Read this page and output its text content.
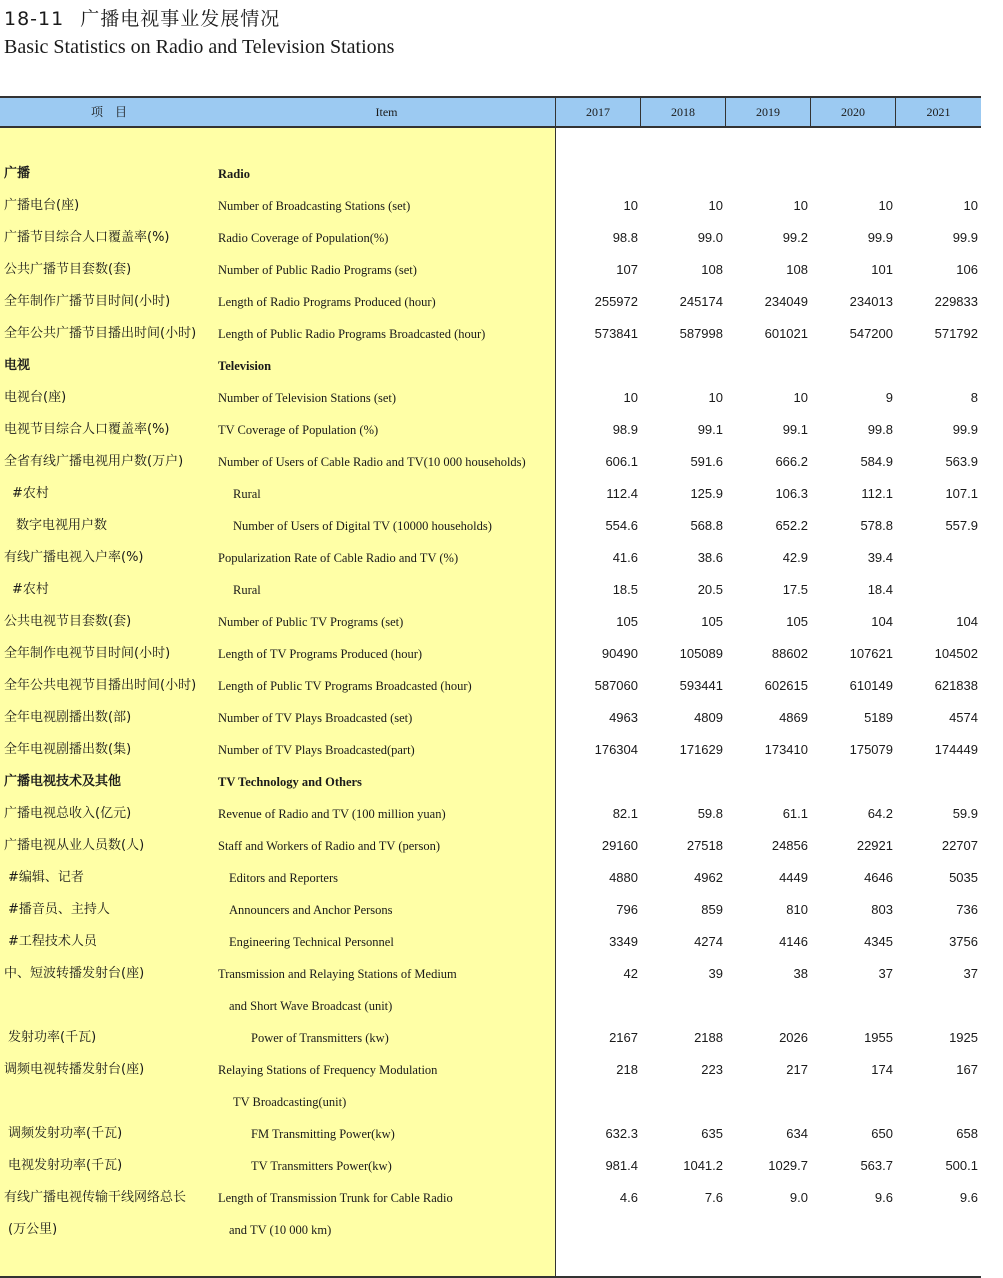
18-11 广播电视事业发展情况
Basic Statistics on Radio and Television Stations
项　目	Item	2017	2018	2019	2020	2021
广播	Radio
广播电台(座)	Number of Broadcasting Stations (set)	10	10	10	10	10
广播节目综合人口覆盖率(%)	Radio Coverage of Population(%)	98.8	99.0	99.2	99.9	99.9
公共广播节目套数(套)	Number of Public Radio Programs (set)	107	108	108	101	106
全年制作广播节目时间(小时)	Length of Radio Programs Produced (hour)	255972	245174	234049	234013	229833
全年公共广播节目播出时间(小时) Length of Public Radio Programs Broadcasted (hour)	573841	587998	601021	547200	571792
电视	Television
电视台(座)	Number of Television Stations (set)	10	10	10	9	8
电视节目综合人口覆盖率(%)	TV Coverage of Population (%)	98.9	99.1	99.1	99.8	99.9
全省有线广播电视用户数(万户)	Number of Users of Cable Radio and TV(10 000 households)	606.1	591.6	666.2	584.9	563.9
#农村	Rural	112.4	125.9	106.3	112.1	107.1
数字电视用户数	Number of Users of Digital TV (10000 households)	554.6	568.8	652.2	578.8	557.9
有线广播电视入户率(%)	Popularization Rate of Cable Radio and TV (%)	41.6	38.6	42.9	39.4
#农村	Rural	18.5	20.5	17.5	18.4
公共电视节目套数(套)	Number of Public TV Programs (set)	105	105	105	104	104
全年制作电视节目时间(小时)	Length of TV Programs Produced (hour)	90490	105089	88602	107621	104502
全年公共电视节目播出时间(小时) Length of Public TV Programs Broadcasted (hour)	587060	593441	602615	610149	621838
全年电视剧播出数(部)	Number of TV Plays Broadcasted (set)	4963	4809	4869	5189	4574
全年电视剧播出数(集)	Number of TV Plays Broadcasted(part)	176304	171629	173410	175079	174449
广播电视技术及其他	TV Technology and Others
广播电视总收入(亿元)	Revenue of Radio and TV (100 million yuan)	82.1	59.8	61.1	64.2	59.9
广播电视从业人员数(人)	Staff and Workers of Radio and TV (person)	29160	27518	24856	22921	22707
#编辑、记者	Editors and Reporters	4880	4962	4449	4646	5035
#播音员、主持人	Announcers and Anchor Persons	796	859	810	803	736
#工程技术人员	Engineering Technical Personnel	3349	4274	4146	4345	3756
中、短波转播发射台(座)	Transmission and Relaying Stations of Medium	42	39	38	37	37
and Short Wave Broadcast (unit)
发射功率(千瓦)	Power of Transmitters (kw)	2167	2188	2026	1955	1925
调频电视转播发射台(座)	Relaying Stations of Frequency Modulation	218	223	217	174	167
TV Broadcasting(unit)
调频发射功率(千瓦)	FM Transmitting Power(kw)	632.3	635	634	650	658
电视发射功率(千瓦)	TV Transmitters Power(kw)	981.4	1041.2	1029.7	563.7	500.1
有线广播电视传输干线网络总长	Length of Transmission Trunk for Cable Radio	4.6	7.6	9.0	9.6	9.6
(万公里)	and TV (10 000 km)
